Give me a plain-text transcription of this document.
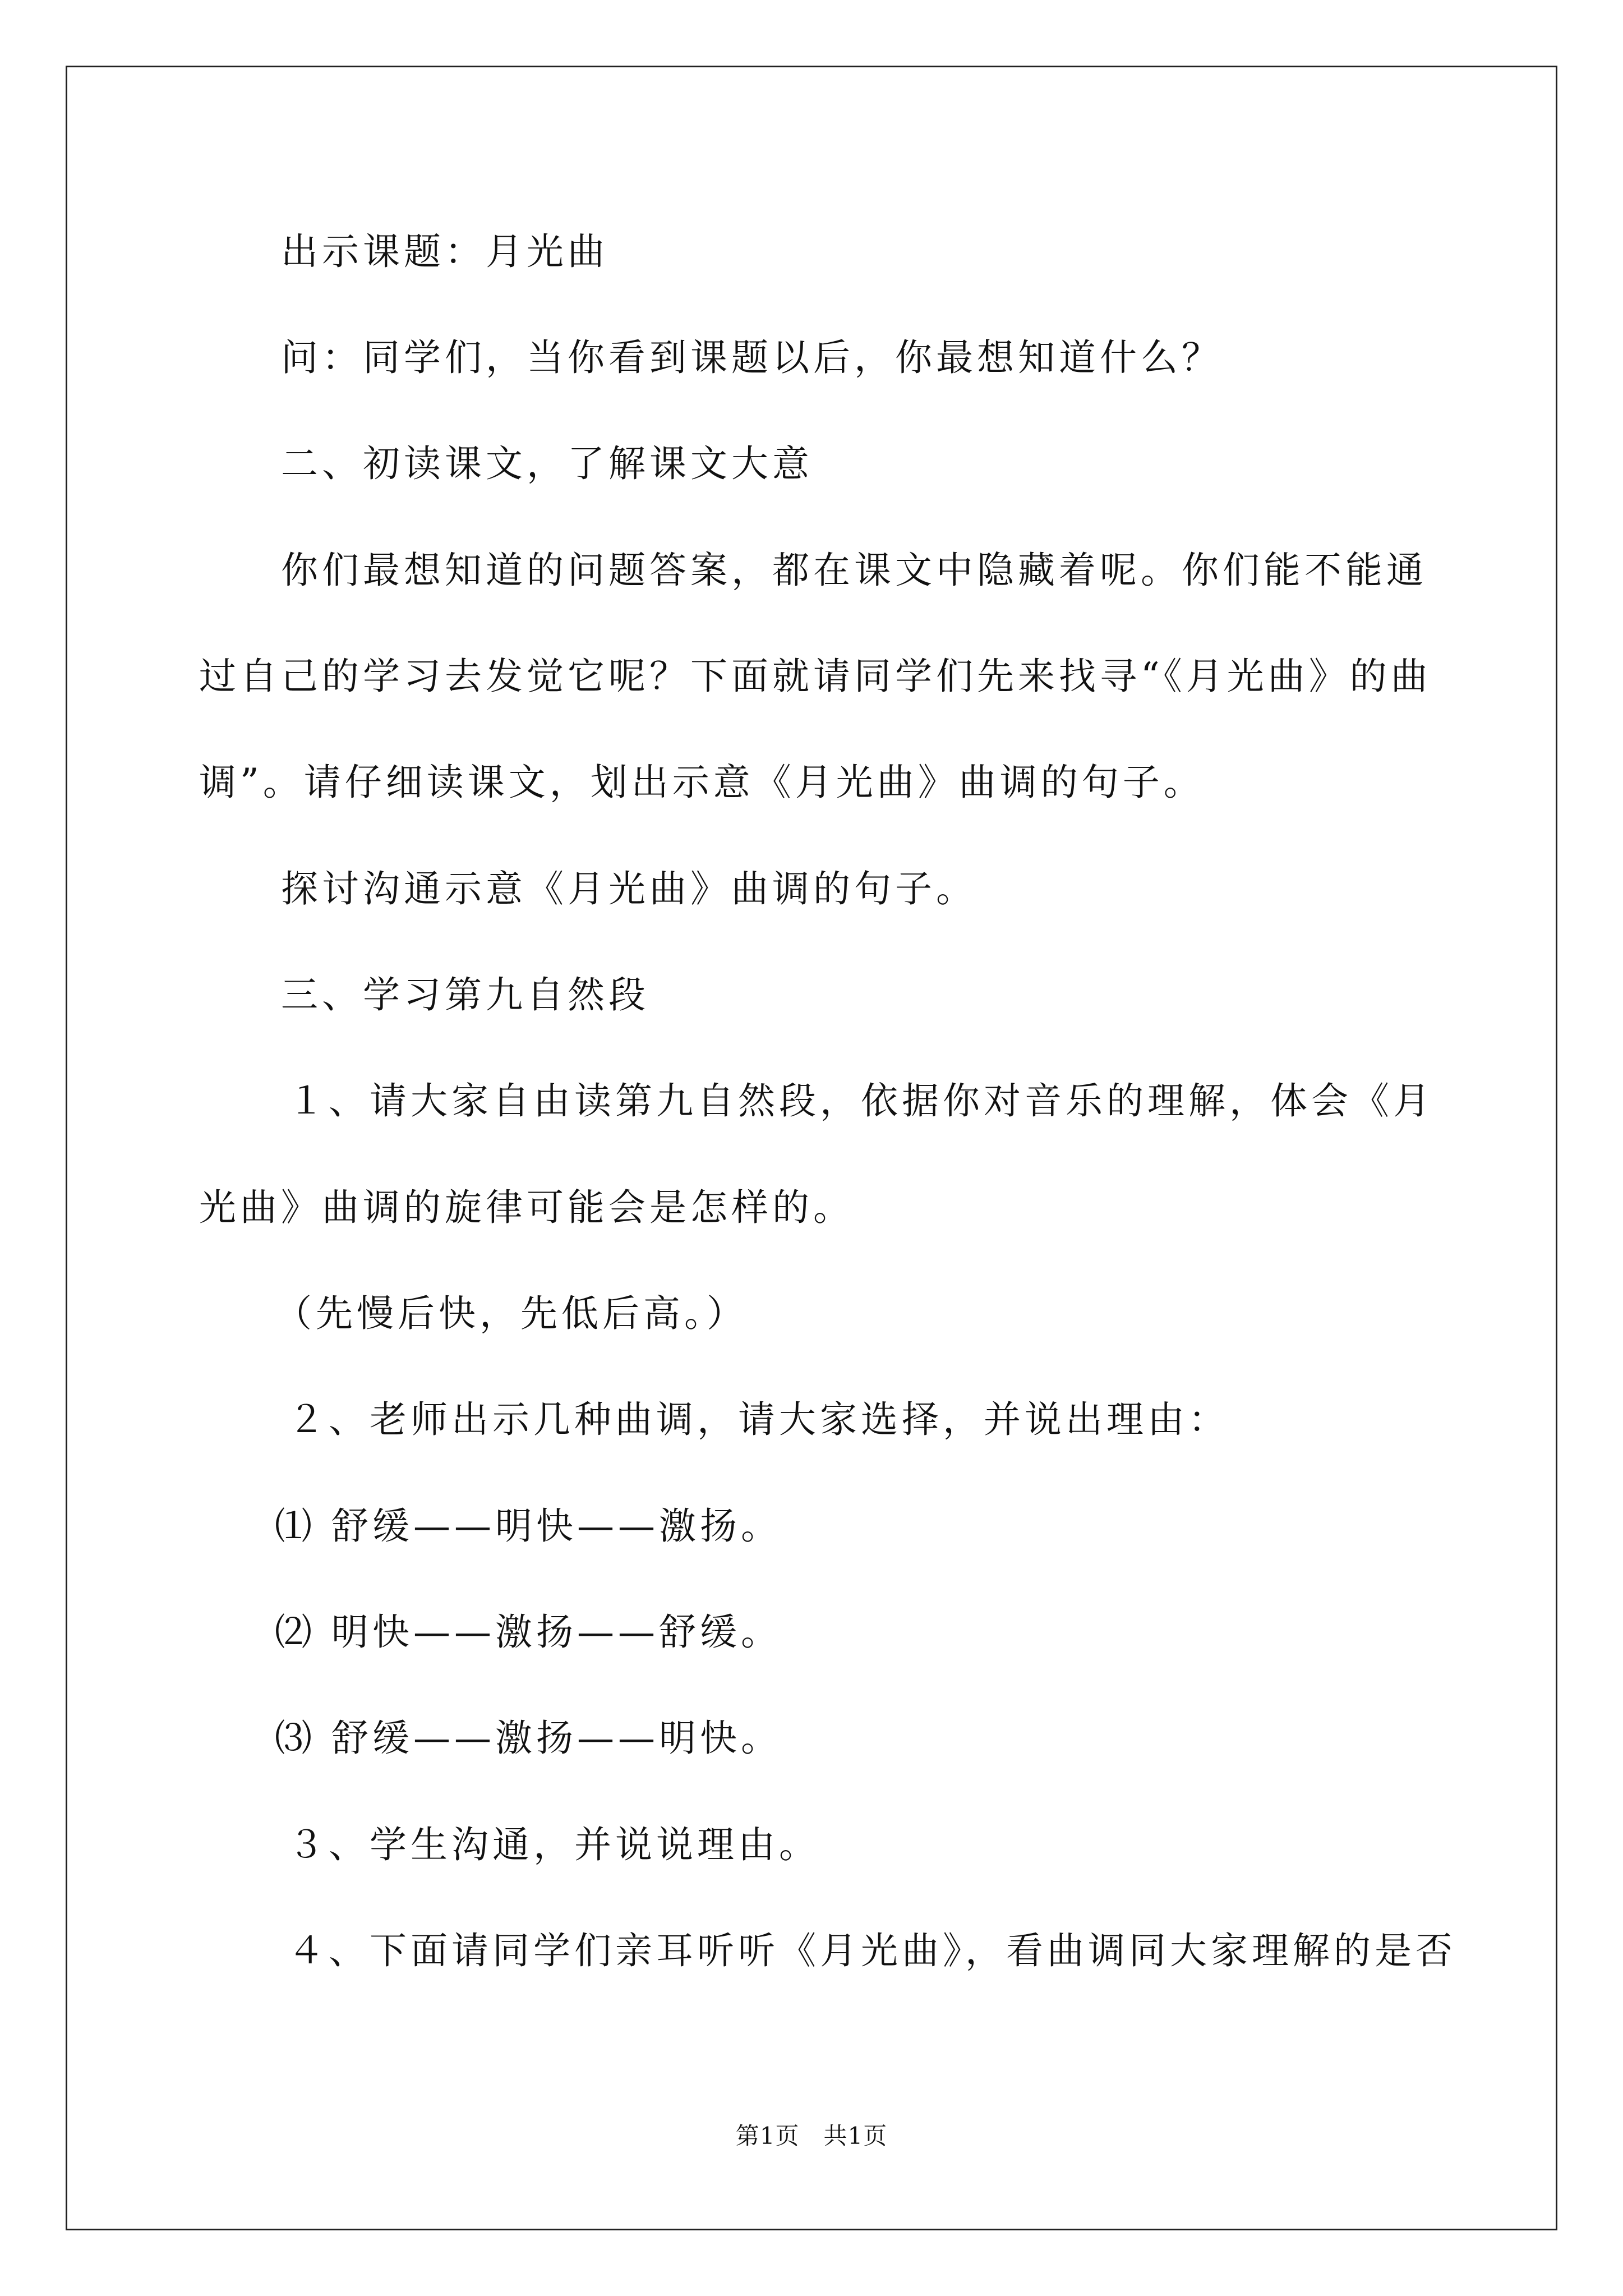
出示课题：月光曲
问：同学们，当你看到课题以后，你最想知道什么？
二、初读课文，了解课文大意
你们最想知道的问题答案，都在课文中隐藏着呢。你们能不能通
过自己的学习去发觉它呢？下面就请同学们先来找寻“《月光曲》的曲
调”。请仔细读课文，划出示意《月光曲》曲调的句子。
探讨沟通示意《月光曲》曲调的句子。
三、学习第九自然段
１、请大家自由读第九自然段，依据你对音乐的理解，体会《月
光曲》曲调的旋律可能会是怎样的。
（先慢后快，先低后高。）
２、老师出示几种曲调，请大家选择，并说出理由：
⑴ 舒缓——明快——激扬。
⑵ 明快——激扬——舒缓。
⑶ 舒缓——激扬——明快。
３、学生沟通，并说说理由。
４、下面请同学们亲耳听听《月光曲》，看曲调同大家理解的是否
第1页　共1页
